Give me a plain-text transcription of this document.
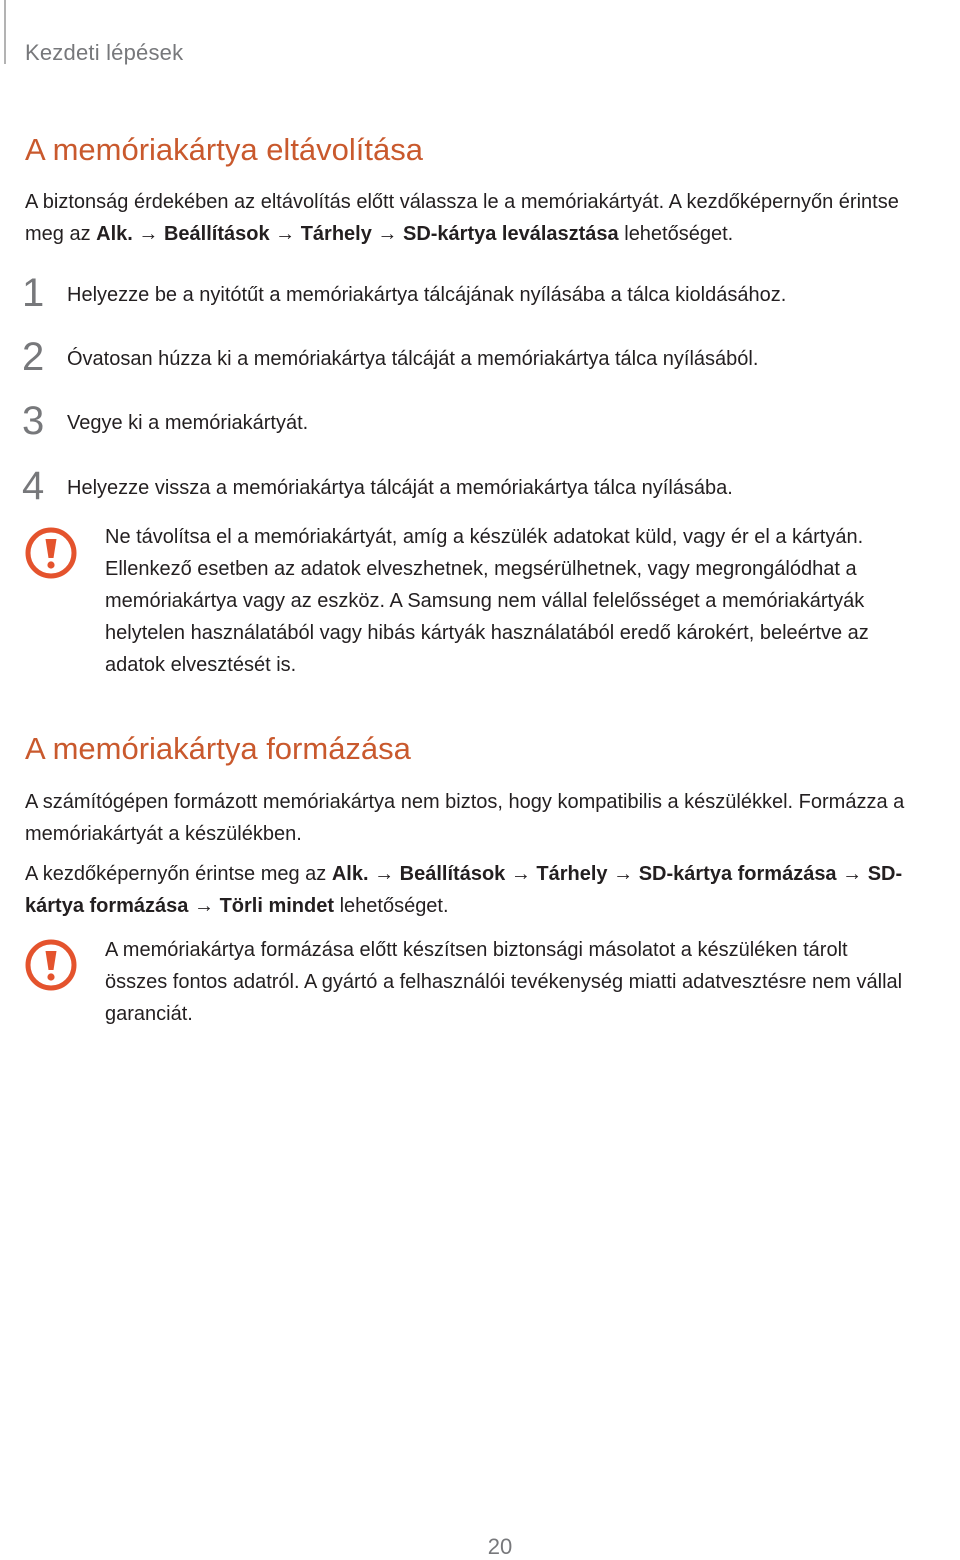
Kezdeti lépések
A memóriakártya eltávolítása

A biztonság érdekében az eltávolítás előtt válassza le a memóriakártyát. A kezdőképernyőn érintse
meg az Alk. → Beállítások → Tárhely → SD-kártya leválasztása lehetőséget.

1 Helyezze be a nyitótűt a memóriakártya tálcájának nyílásába a tálca kioldásához.
2 Óvatosan húzza ki a memóriakártya tálcáját a memóriakártya tálca nyílásából.
3 Vegye ki a memóriakártyát.
4 Helyezze vissza a memóriakártya tálcáját a memóriakártya tálca nyílásába.

Ne távolítsa el a memóriakártyát, amíg a készülék adatokat küld, vagy ér el a kártyán.
Ellenkező esetben az adatok elveszhetnek, megsérülhetnek, vagy megrongálódhat a
memóriakártya vagy az eszköz. A Samsung nem vállal felelősséget a memóriakártyák
helytelen használatából vagy hibás kártyák használatából eredő károkért, beleértve az
adatok elvesztését is.

A memóriakártya formázása

A számítógépen formázott memóriakártya nem biztos, hogy kompatibilis a készülékkel. Formázza a
memóriakártyát a készülékben.

A kezdőképernyőn érintse meg az Alk. → Beállítások → Tárhely → SD-kártya formázása → SD-
kártya formázása → Törli mindet lehetőséget.

A memóriakártya formázása előtt készítsen biztonsági másolatot a készüléken tárolt
összes fontos adatról. A gyártó a felhasználói tevékenység miatti adatvesztésre nem vállal
garanciát.

20
